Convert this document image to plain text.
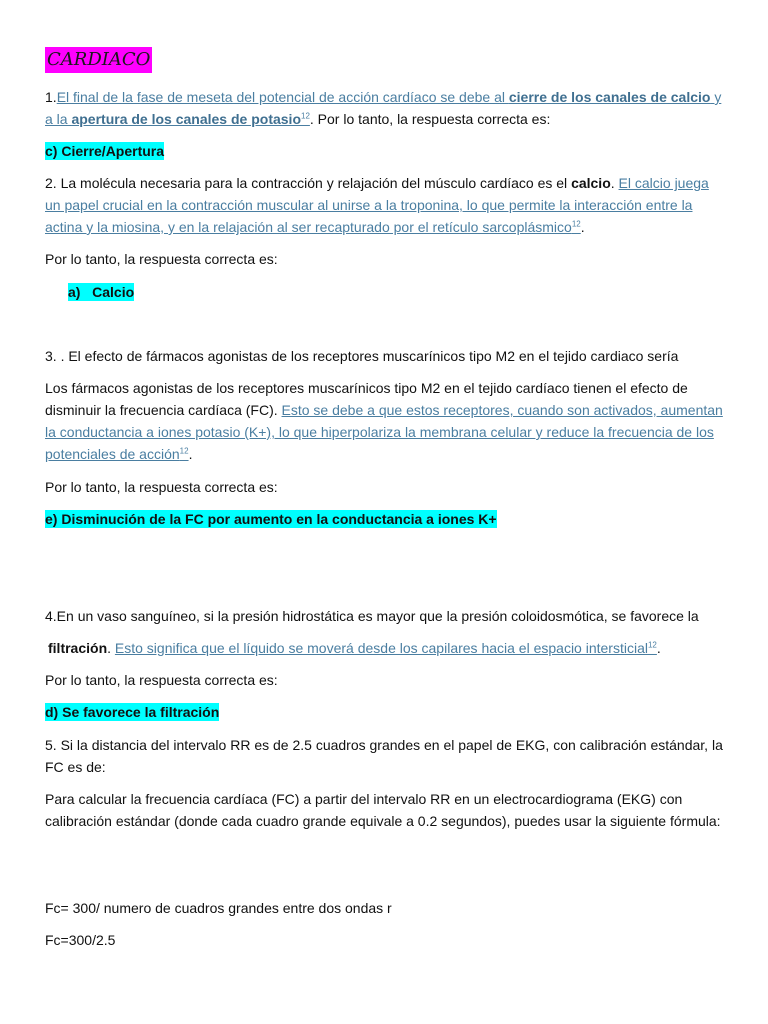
CARDIACO

1.El final de la fase de meseta del potencial de acción cardíaco se debe al cierre de los canales de calcio y a la apertura de los canales de potasio$^{12}$. Por lo tanto, la respuesta correcta es:

c) Cierre/Apertura

2. La molécula necesaria para la contracción y relajación del músculo cardíaco es el calcio. El calcio juega un papel crucial en la contracción muscular al unirse a la troponina, lo que permite la interacción entre la actina y la miosina, y en la relajación al ser recapturado por el retículo sarcoplásmico$^{12}$.

Por lo tanto, la respuesta correcta es:

a)   Calcio

3. . El efecto de fármacos agonistas de los receptores muscarínicos tipo M2 en el tejido cardiaco sería

Los fármacos agonistas de los receptores muscarínicos tipo M2 en el tejido cardíaco tienen el efecto de disminuir la frecuencia cardíaca (FC). Esto se debe a que estos receptores, cuando son activados, aumentan la conductancia a iones potasio (K+), lo que hiperpolariza la membrana celular y reduce la frecuencia de los potenciales de acción$^{12}$.

Por lo tanto, la respuesta correcta es:

e) Disminución de la FC por aumento en la conductancia a iones K+

4.En un vaso sanguíneo, si la presión hidrostática es mayor que la presión coloidosmótica, se favorece la

filtración. Esto significa que el líquido se moverá desde los capilares hacia el espacio intersticial$^{12}$.

Por lo tanto, la respuesta correcta es:

d) Se favorece la filtración

5. Si la distancia del intervalo RR es de 2.5 cuadros grandes en el papel de EKG, con calibración estándar, la FC es de:

Para calcular la frecuencia cardíaca (FC) a partir del intervalo RR en un electrocardiograma (EKG) con calibración estándar (donde cada cuadro grande equivale a 0.2 segundos), puedes usar la siguiente fórmula:

Fc= 300/ numero de cuadros grandes entre dos ondas r

Fc=300/2.5
